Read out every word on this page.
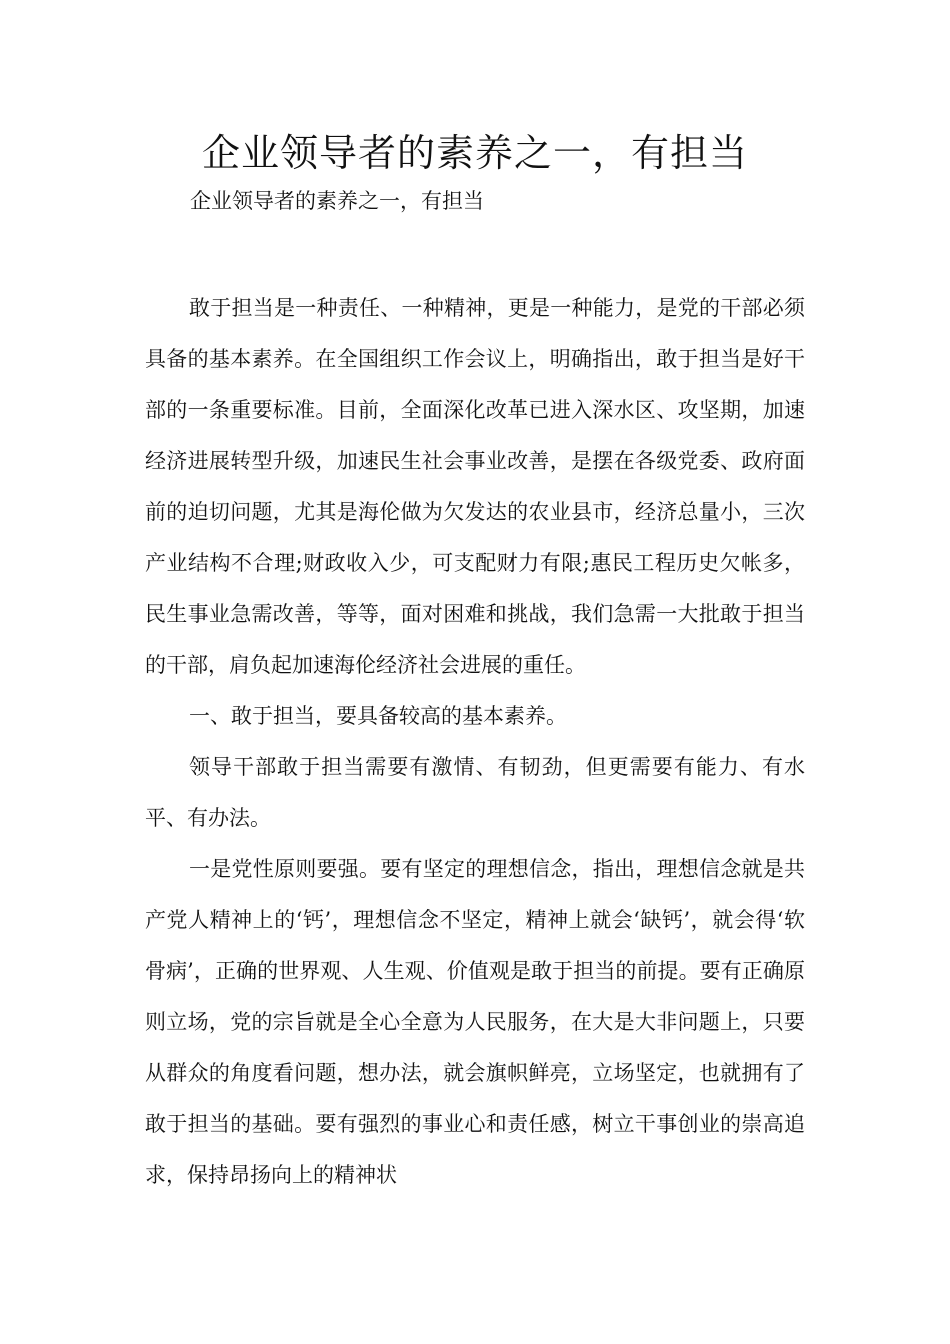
企业领导者的素养之一，有担当

企业领导者的素养之一，有担当

敢于担当是一种责任、一种精神，更是一种能力，是党的干部必须具备的基本素养。在全国组织工作会议上，明确指出，敢于担当是好干部的一条重要标准。目前，全面深化改革已进入深水区、攻坚期，加速经济进展转型升级，加速民生社会事业改善，是摆在各级党委、政府面前的迫切问题，尤其是海伦做为欠发达的农业县市，经济总量小，三次产业结构不合理;财政收入少，可支配财力有限;惠民工程历史欠帐多，民生事业急需改善，等等，面对困难和挑战，我们急需一大批敢于担当的干部，肩负起加速海伦经济社会进展的重任。

一、敢于担当，要具备较高的基本素养。

领导干部敢于担当需要有激情、有韧劲，但更需要有能力、有水平、有办法。

一是党性原则要强。要有坚定的理想信念，指出，理想信念就是共产党人精神上的‘钙’，理想信念不坚定，精神上就会‘缺钙’，就会得‘软骨病’，正确的世界观、人生观、价值观是敢于担当的前提。要有正确原则立场，党的宗旨就是全心全意为人民服务，在大是大非问题上，只要从群众的角度看问题，想办法，就会旗帜鲜亮，立场坚定，也就拥有了敢于担当的基础。要有强烈的事业心和责任感，树立干事创业的崇高追求，保持昂扬向上的精神状
